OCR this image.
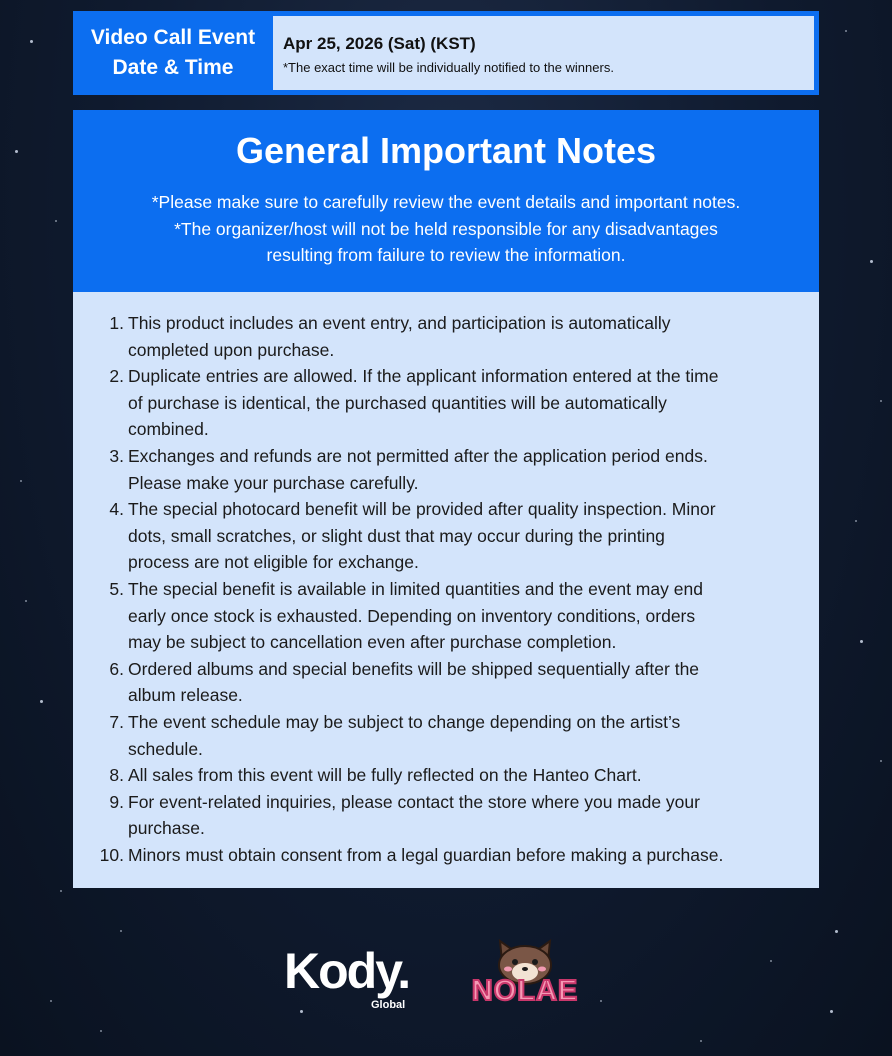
Video Call Event
Date & Time
Apr 25, 2026 (Sat) (KST)
*The exact time will be individually notified to the winners.
General Important Notes
*Please make sure to carefully review the event details and important notes.
*The organizer/host will not be held responsible for any disadvantages
resulting from failure to review the information.
1. This product includes an event entry, and participation is automatically
completed upon purchase.
2. Duplicate entries are allowed. If the applicant information entered at the time
of purchase is identical, the purchased quantities will be automatically
combined.
3. Exchanges and refunds are not permitted after the application period ends.
Please make your purchase carefully.
4. The special photocard benefit will be provided after quality inspection. Minor
dots, small scratches, or slight dust that may occur during the printing
process are not eligible for exchange.
5. The special benefit is available in limited quantities and the event may end
early once stock is exhausted. Depending on inventory conditions, orders
may be subject to cancellation even after purchase completion.
6. Ordered albums and special benefits will be shipped sequentially after the
album release.
7. The event schedule may be subject to change depending on the artist’s
schedule.
8. All sales from this event will be fully reflected on the Hanteo Chart.
9. For event-related inquiries, please contact the store where you made your
purchase.
10. Minors must obtain consent from a legal guardian before making a purchase.
Kody.
Global NOLAE
